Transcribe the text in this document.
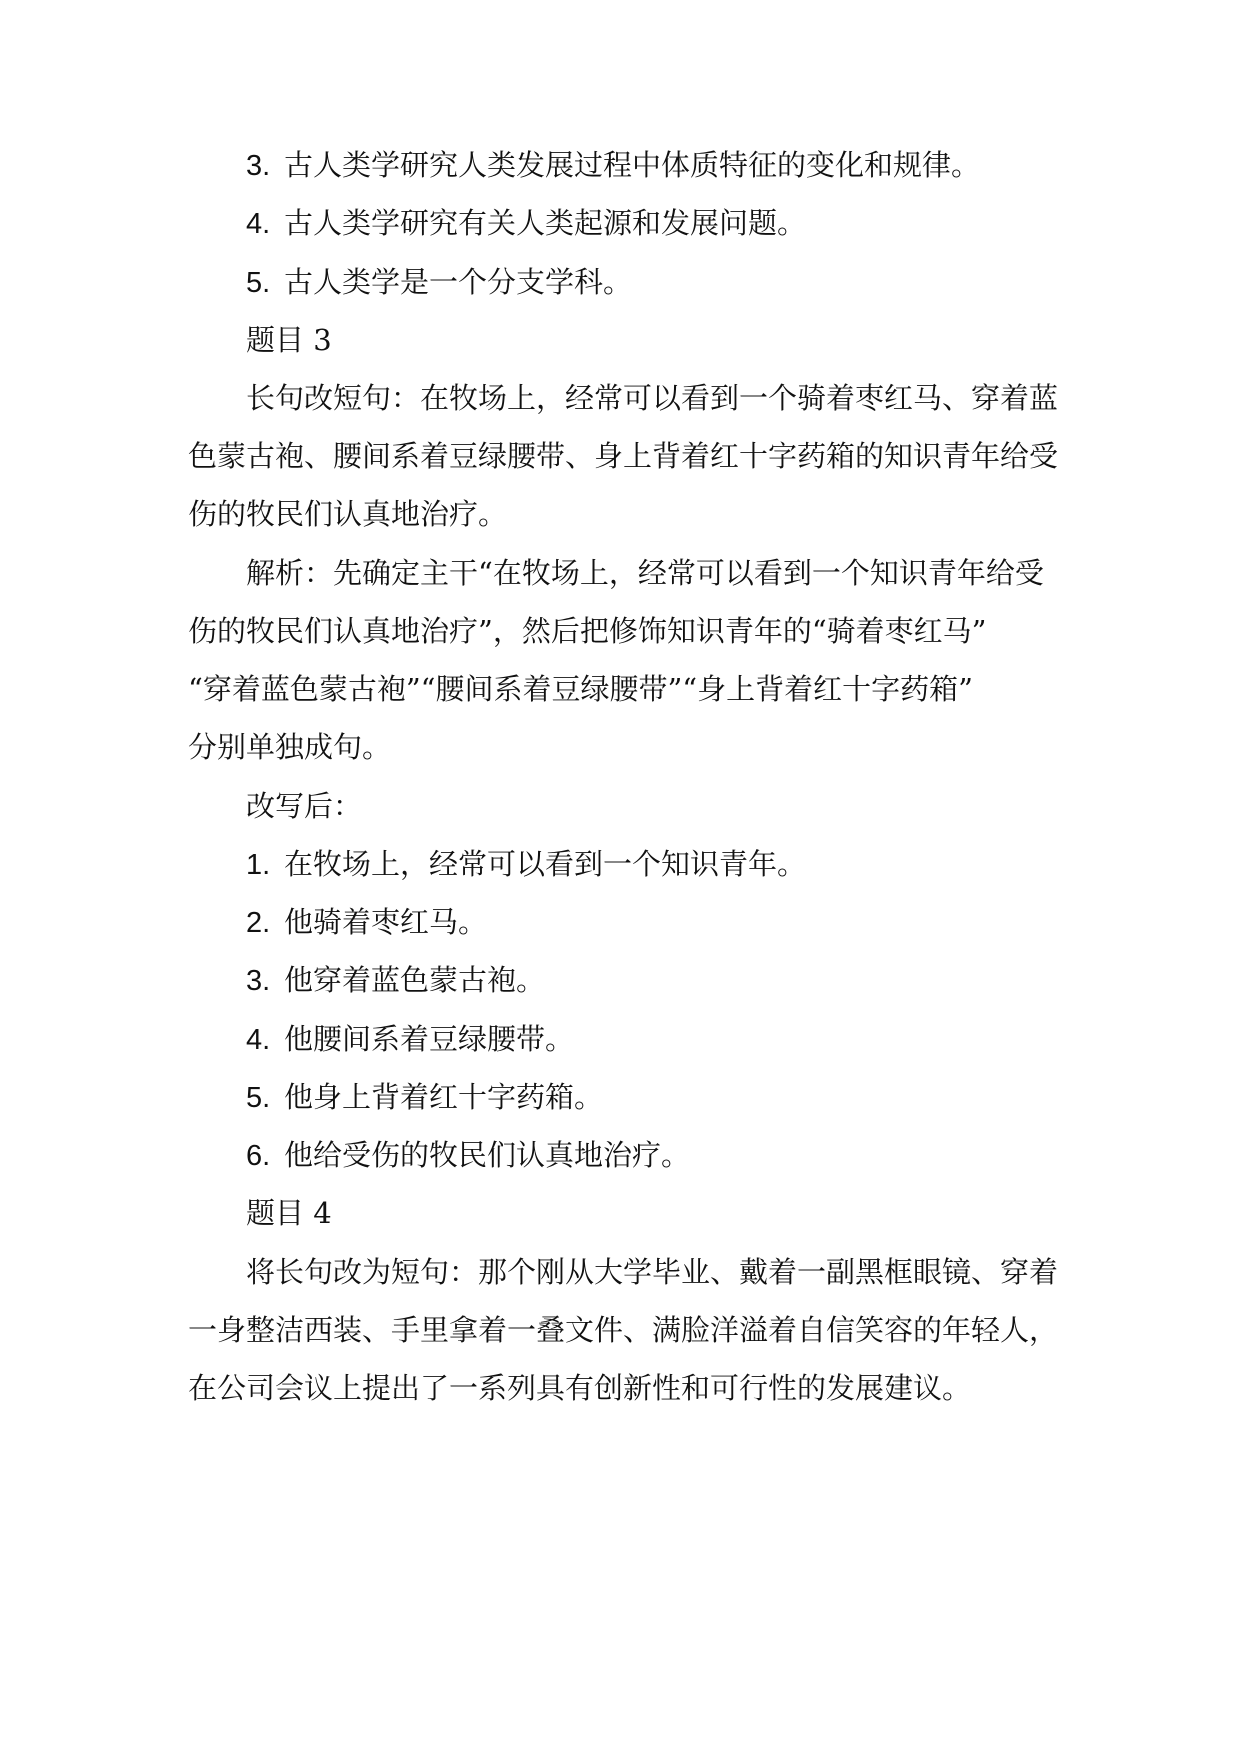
3. 古人类学研究人类发展过程中体质特征的变化和规律。
4. 古人类学研究有关人类起源和发展问题。
5. 古人类学是一个分支学科。
题目 3
长句改短句：在牧场上，经常可以看到一个骑着枣红马、穿着蓝
色蒙古袍、腰间系着豆绿腰带、身上背着红十字药箱的知识青年给受
伤的牧民们认真地治疗。
解析：先确定主干“在牧场上，经常可以看到一个知识青年给受
伤的牧民们认真地治疗”，然后把修饰知识青年的“骑着枣红马”
“穿着蓝色蒙古袍”“腰间系着豆绿腰带”“身上背着红十字药箱”
分别单独成句。
改写后：
1. 在牧场上，经常可以看到一个知识青年。
2. 他骑着枣红马。
3. 他穿着蓝色蒙古袍。
4. 他腰间系着豆绿腰带。
5. 他身上背着红十字药箱。
6. 他给受伤的牧民们认真地治疗。
题目 4
将长句改为短句：那个刚从大学毕业、戴着一副黑框眼镜、穿着
一身整洁西装、手里拿着一叠文件、满脸洋溢着自信笑容的年轻人，
在公司会议上提出了一系列具有创新性和可行性的发展建议。
